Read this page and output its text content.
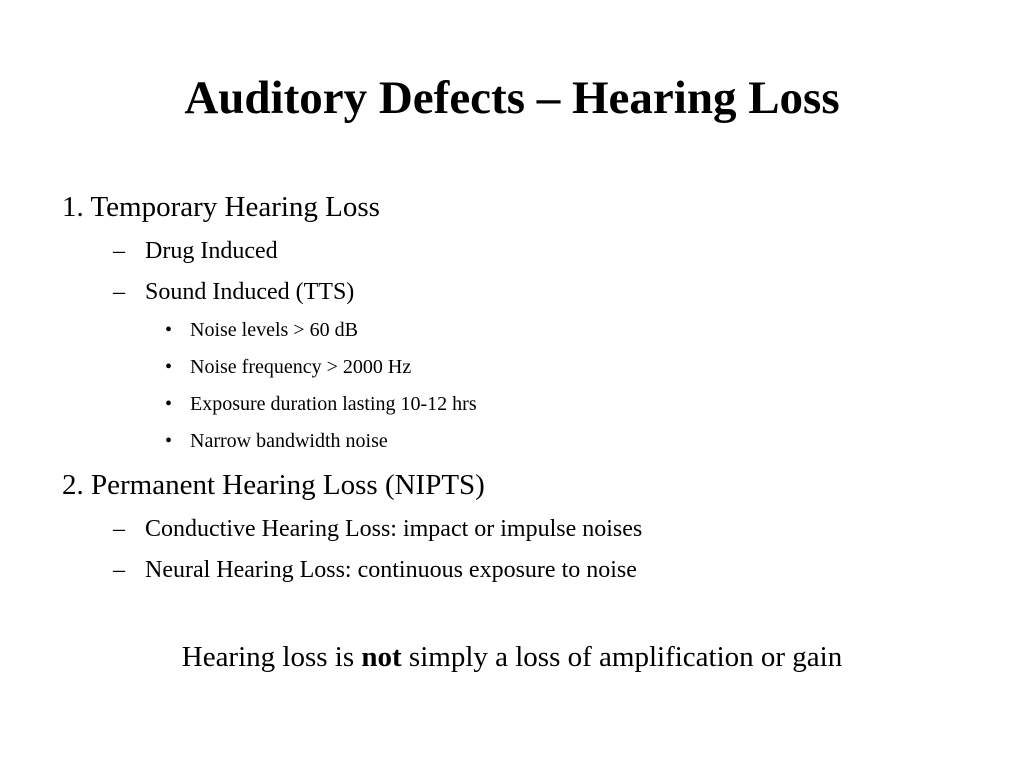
Auditory Defects – Hearing Loss
1. Temporary Hearing Loss
– Drug Induced
– Sound Induced (TTS)
• Noise levels > 60 dB
• Noise frequency > 2000 Hz
• Exposure duration lasting 10-12 hrs
• Narrow bandwidth noise
2. Permanent Hearing Loss (NIPTS)
– Conductive Hearing Loss: impact or impulse noises
– Neural Hearing Loss: continuous exposure to noise
Hearing loss is not simply a loss of amplification or gain
